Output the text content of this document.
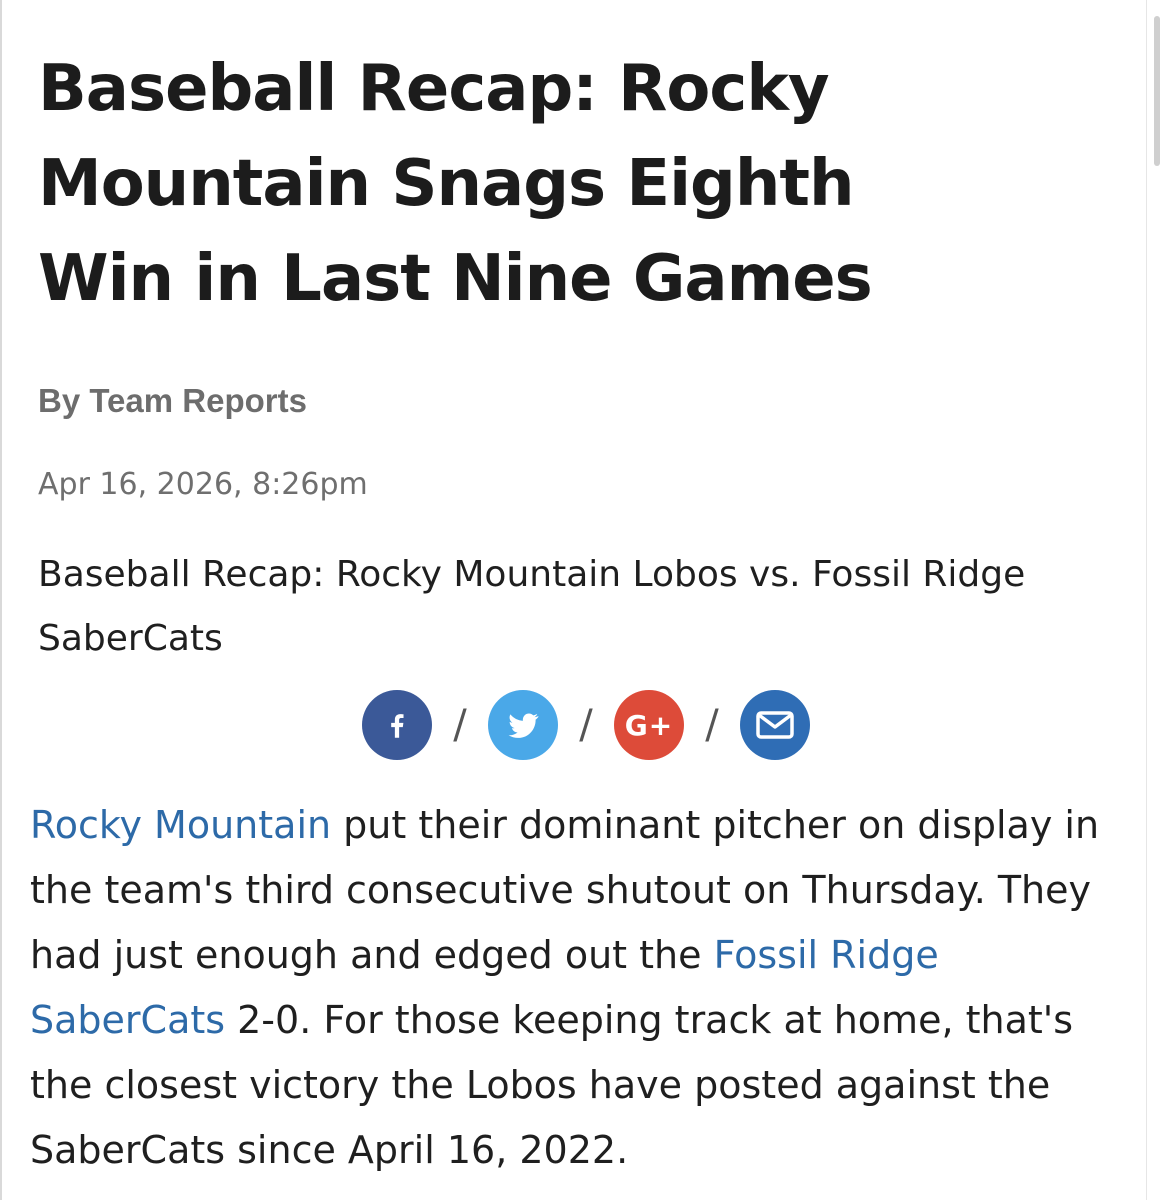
Baseball Recap: Rocky Mountain Snags Eighth Win in Last Nine Games
By Team Reports
Apr 16, 2026, 8:26pm
Baseball Recap: Rocky Mountain Lobos vs. Fossil Ridge SaberCats
/	/	G+ /
Rocky Mountain put their dominant pitcher on display in the team's third consecutive shutout on Thursday. They had just enough and edged out the Fossil Ridge SaberCats 2-0. For those keeping track at home, that's the closest victory the Lobos have posted against the SaberCats since April 16, 2022.
